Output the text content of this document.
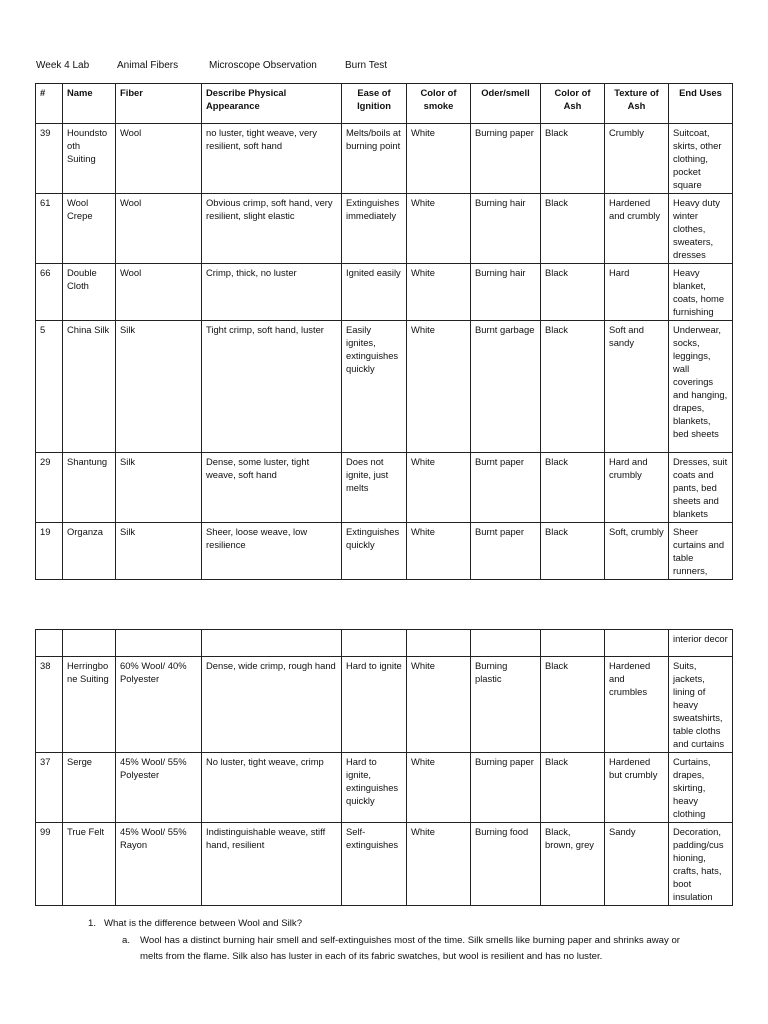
Week 4 Lab	Animal Fibers	Microscope Observation	Burn Test
#	Name	Fiber	Describe Physical Appearance	Ease of Ignition	Color of smoke	Oder/smell	Color of Ash	Texture of Ash	End Uses
39	Houndstooth Suiting	Wool	no luster, tight weave, very resilient, soft hand	Melts/boils at burning point	White	Burning paper	Black	Crumbly	Suitcoat, skirts, other clothing, pocket square
61	Wool Crepe	Wool	Obvious crimp, soft hand, very resilient, slight elastic	Extinguishes immediately	White	Burning hair	Black	Hardened and crumbly	Heavy duty winter clothes, sweaters, dresses
66	Double Cloth	Wool	Crimp, thick, no luster	Ignited easily	White	Burning hair	Black	Hard	Heavy blanket, coats, home furnishing
5	China Silk	Silk	Tight crimp, soft hand, luster	Easily ignites, extinguishes quickly	White	Burnt garbage	Black	Soft and sandy	Underwear, socks, leggings, wall coverings and hanging, drapes, blankets, bed sheets
29	Shantung	Silk	Dense, some luster, tight weave, soft hand	Does not ignite, just melts	White	Burnt paper	Black	Hard and crumbly	Dresses, suit coats and pants, bed sheets and blankets
19	Organza	Silk	Sheer, loose weave, low resilience	Extinguishes quickly	White	Burnt paper	Black	Soft, crumbly	Sheer curtains and table runners,
									interior decor
38	Herringbone Suiting	60% Wool/ 40% Polyester	Dense, wide crimp, rough hand	Hard to ignite	White	Burning plastic	Black	Hardened and crumbles	Suits, jackets, lining of heavy sweatshirts, table cloths and curtains
37	Serge	45% Wool/ 55% Polyester	No luster, tight weave, crimp	Hard to ignite, extinguishes quickly	White	Burning paper	Black	Hardened but crumbly	Curtains, drapes, skirting, heavy clothing
99	True Felt	45% Wool/ 55% Rayon	Indistinguishable weave, stiff hand, resilient	Self-extinguishes	White	Burning food	Black, brown, grey	Sandy	Decoration, padding/cushioning, crafts, hats, boot insulation
1. What is the difference between Wool and Silk?
a.	Wool has a distinct burning hair smell and self-extinguishes most of the time. Silk smells like burning paper and shrinks away or melts from the flame. Silk also has luster in each of its fabric swatches, but wool is resilient and has no luster.
